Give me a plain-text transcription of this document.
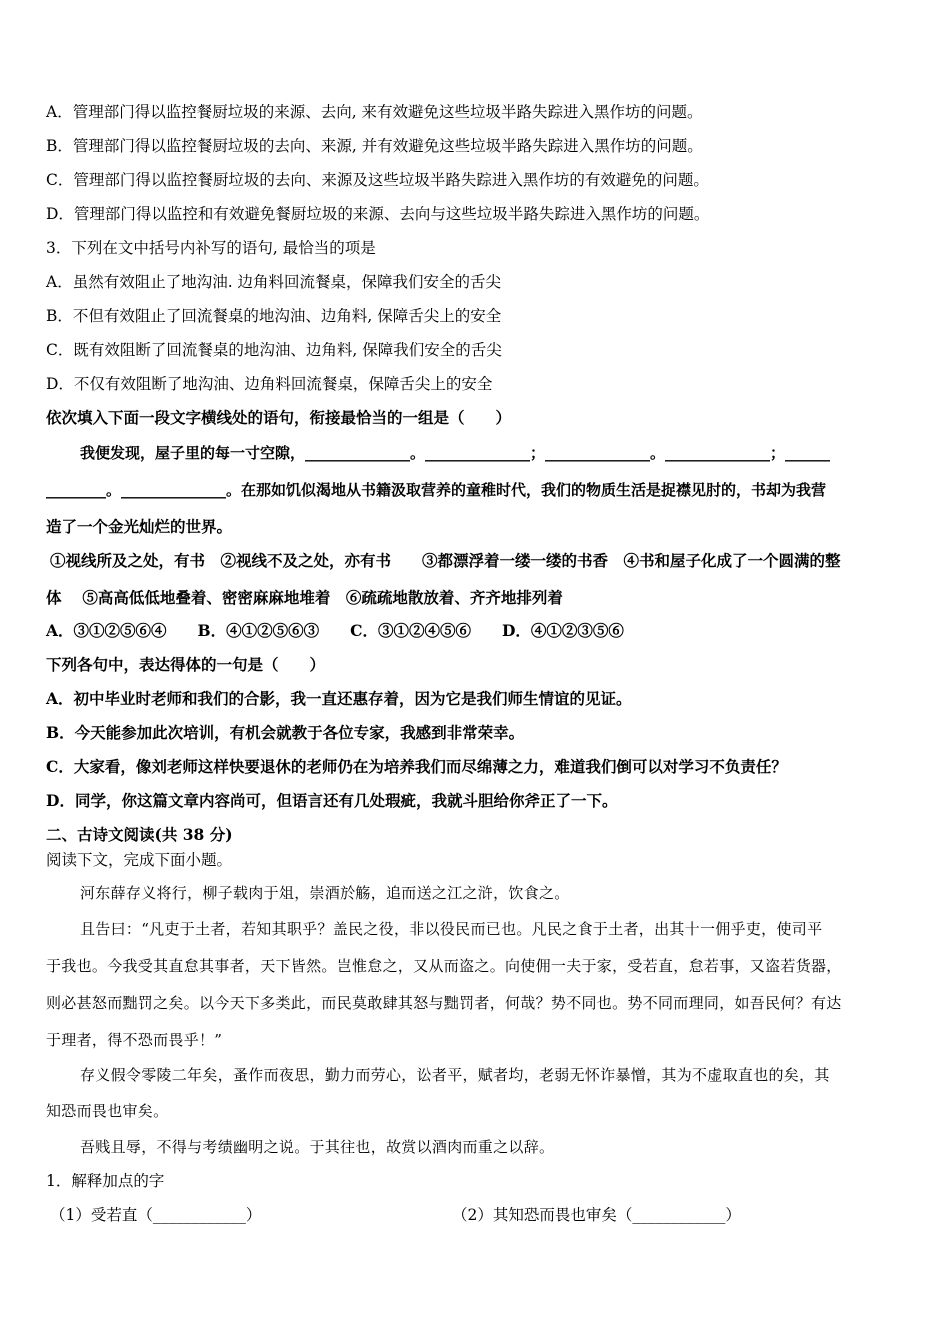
A．管理部门得以监控餐厨垃圾的来源、去向, 来有效避免这些垃圾半路失踪进入黑作坊的问题。
B．管理部门得以监控餐厨垃圾的去向、来源, 并有效避免这些垃圾半路失踪进入黑作坊的问题。
C．管理部门得以监控餐厨垃圾的去向、来源及这些垃圾半路失踪进入黑作坊的有效避免的问题。
D．管理部门得以监控和有效避免餐厨垃圾的来源、去向与这些垃圾半路失踪进入黑作坊的问题。
3．下列在文中括号内补写的语句, 最恰当的项是
A．虽然有效阻止了地沟油. 边角料回流餐桌，保障我们安全的舌尖
B．不但有效阻止了回流餐桌的地沟油、边角料, 保障舌尖上的安全
C．既有效阻断了回流餐桌的地沟油、边角料, 保障我们安全的舌尖
D．不仅有效阻断了地沟油、边角料回流餐桌，保障舌尖上的安全
依次填入下面一段文字横线处的语句，衔接最恰当的一组是（　　）
我便发现，屋子里的每一寸空隙，______________。______________；______________。______________；______
________。______________。在那如饥似渴地从书籍汲取营养的童稚时代，我们的物质生活是捉襟见肘的，书却为我营
造了一个金光灿烂的世界。
①视线所及之处，有书　②视线不及之处，亦有书　　③都漂浮着一缕一缕的书香　④书和屋子化成了一个圆满的整
体　 ⑤高高低低地叠着、密密麻麻地堆着　⑥疏疏地散放着、齐齐地排列着
A．③①②⑤⑥④　　B．④①②⑤⑥③　　C．③①②④⑤⑥　　D．④①②③⑤⑥
下列各句中，表达得体的一句是（　　）
A．初中毕业时老师和我们的合影，我一直还惠存着，因为它是我们师生情谊的见证。
B．今天能参加此次培训，有机会就教于各位专家，我感到非常荣幸。
C．大家看，像刘老师这样快要退休的老师仍在为培养我们而尽绵薄之力，难道我们倒可以对学习不负责任？
D．同学，你这篇文章内容尚可，但语言还有几处瑕疵，我就斗胆给你斧正了一下。
二、古诗文阅读(共 38 分)
阅读下文，完成下面小题。
河东薛存义将行，柳子载肉于俎，崇酒於觞，追而送之江之浒，饮食之。
且告曰：“凡吏于土者，若知其职乎？盖民之役，非以役民而已也。凡民之食于土者，出其十一佣乎吏，使司平
于我也。今我受其直怠其事者，天下皆然。岂惟怠之，又从而盗之。向使佣一夫于家，受若直，怠若事，又盗若货器，
则必甚怒而黜罚之矣。以今天下多类此，而民莫敢肆其怒与黜罚者，何哉？势不同也。势不同而理同，如吾民何？有达
于理者，得不恐而畏乎！”
存义假令零陵二年矣，蚤作而夜思，勤力而劳心，讼者平，赋者均，老弱无怀诈暴憎，其为不虚取直也的矣，其
知恐而畏也审矣。
吾贱且辱，不得与考绩幽明之说。于其往也，故赏以酒肉而重之以辞。
1．解释加点的字
（1）受若直（____________）	（2）其知恐而畏也审矣（____________）
